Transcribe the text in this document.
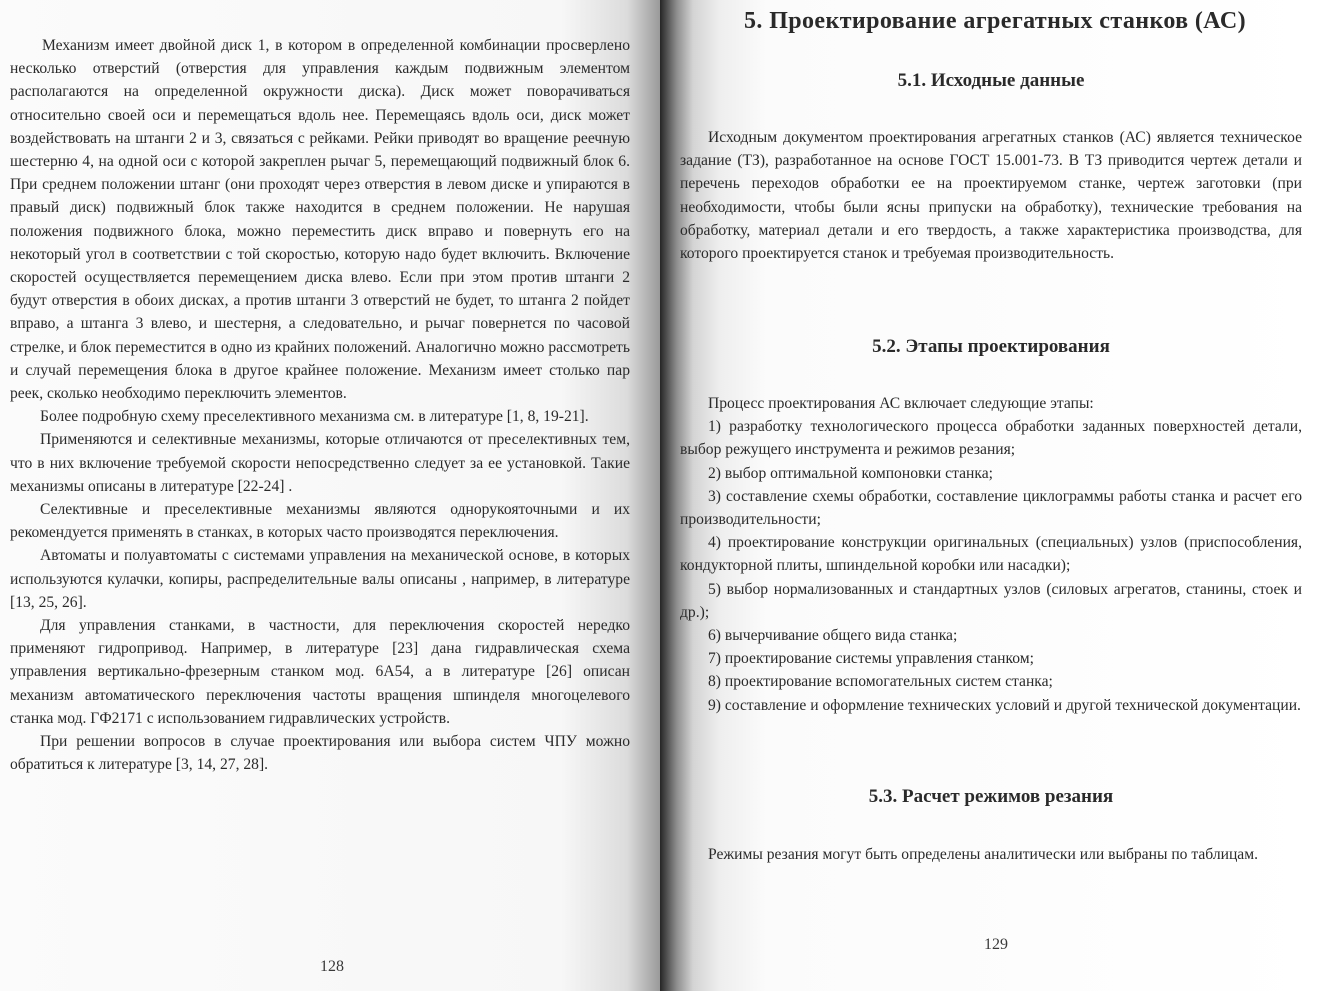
Механизм имеет двойной диск 1, в котором в определенной комбинации просверлено несколько отверстий (отверстия для управления каждым подвижным элементом располагаются на определенной окружности диска). Диск может поворачиваться относительно своей оси и перемещаться вдоль нее. Перемещаясь вдоль оси, диск может воздействовать на штанги 2 и 3, связаться с рейками. Рейки приводят во вращение реечную шестерню 4, на одной оси с которой закреплен рычаг 5, перемещающий подвижный блок 6. При среднем положении штанг (они проходят через отверстия в левом диске и упираются в правый диск) подвижный блок также находится в среднем положении. Не нарушая положения подвижного блока, можно переместить диск вправо и повернуть его на некоторый угол в соответствии с той скоростью, которую надо будет включить. Включение скоростей осуществляется перемещением диска влево. Если при этом против штанги 2 будут отверстия в обоих дисках, а против штанги 3 отверстий не будет, то штанга 2 пойдет вправо, а штанга 3 влево, и шестерня, а следовательно, и рычаг повернется по часовой стрелке, и блок переместится в одно из крайних положений. Аналогично можно рассмотреть и случай перемещения блока в другое крайнее положение. Механизм имеет столько пар реек, сколько необходимо переключить элементов.

Более подробную схему преселективного механизма см. в литературе [1, 8, 19-21].

Применяются и селективные механизмы, которые отличаются от преселективных тем, что в них включение требуемой скорости непосредственно следует за ее установкой. Такие механизмы описаны в литературе [22-24] .

Селективные и преселективные механизмы являются однорукояточными и их рекомендуется применять в станках, в которых часто производятся переключения.

Автоматы и полуавтоматы с системами управления на механической основе, в которых используются кулачки, копиры, распределительные валы описаны , например, в литературе [13, 25, 26].

Для управления станками, в частности, для переключения скоростей нередко применяют гидропривод. Например, в литературе [23] дана гидравлическая схема управления вертикально-фрезерным станком мод. 6А54, а в литературе [26] описан механизм автоматического переключения частоты вращения шпинделя многоцелевого станка мод. ГФ2171 с использованием гидравлических устройств.

При решении вопросов в случае проектирования или выбора систем ЧПУ можно обратиться к литературе [3, 14, 27, 28].

128
5. Проектирование агрегатных станков (АС)
5.1. Исходные данные

Исходным документом проектирования агрегатных станков (АС) является техническое задание (ТЗ), разработанное на основе ГОСТ 15.001-73. В ТЗ приводится чертеж детали и перечень переходов обработки ее на проектируемом станке, чертеж заготовки (при необходимости, чтобы были ясны припуски на обработку), технические требования на обработку, материал детали и его твердость, а также характеристика производства, для которого проектируется станок и требуемая производительность.

5.2. Этапы проектирования

Процесс проектирования АС включает следующие этапы:

1) разработку технологического процесса обработки заданных поверхностей детали, выбор режущего инструмента и режимов резания;

2) выбор оптимальной компоновки станка;

3) составление схемы обработки, составление циклограммы работы станка и расчет его производительности;

4) проектирование конструкции оригинальных (специальных) узлов (приспособления, кондукторной плиты, шпиндельной коробки или насадки);

5) выбор нормализованных и стандартных узлов (силовых агрегатов, станины, стоек и др.);

6) вычерчивание общего вида станка;

7) проектирование системы управления станком;

8) проектирование вспомогательных систем станка;

9) составление и оформление технических условий и другой технической документации.

5.3. Расчет режимов резания

Режимы резания могут быть определены аналитически или выбраны по таблицам.

129
